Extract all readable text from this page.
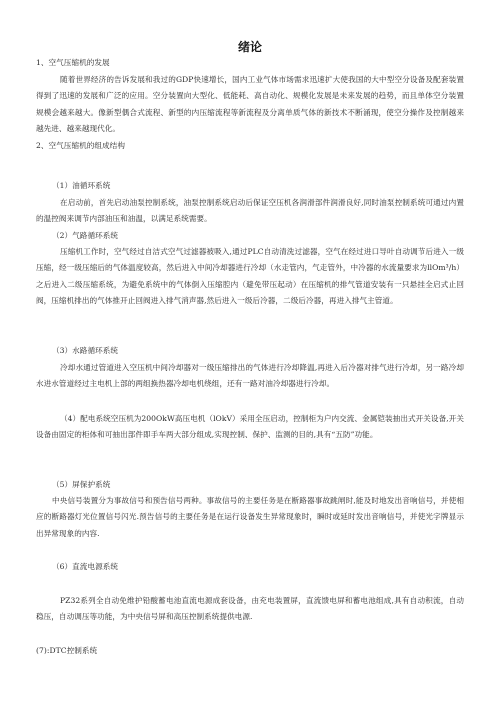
绪论
1、空气压缩机的发展
随着世界经济的告诉发展和我过的GDP快速增长，国内工业气体市场需求迅速扩大使我国的大中型空分设备及配套装置得到了迅速的发展和广泛的应用。空分装置向大型化、低能耗、高自动化、规模化发展是未来发展的趋势，而且单体空分装置规模会越来越大。像新型偶合式流程、新型的内压缩流程等新流程及分离单质气体的新技术不断涌现，使空分操作及控制越来越先进、越来越现代化。
2、空气压缩机的组成结构
（1）油循环系统
在启动前，首先启动油泵控制系统，油泵控制系统启动后保证空压机各润滑部件润滑良好,同时油泵控制系统可通过内置的温控阀来调节内部油压和油温，以满足系统需要。
（2）气路循环系统
压缩机工作时，空气经过自洁式空气过滤器被吸入,通过PLC自动清洗过滤器，空气在经过进口导叶自动调节后进入一级压缩，经一级压缩后的气体温度较高，然后进入中间冷却器进行冷却（水走管内，气走管外，中冷器的水流量要求为llOm³/h）之后进入二级压缩系统，为避免系统中的气体倒入压缩腔内（避免带压起动）在压缩机的排气管道安装有一只悬挂全启式止回阀，压缩机排出的气体推开止回阀进入排气消声器,然后进入一级后冷器，二级后冷器，再进入排气主管道。
（3）水路循环系统
冷却水通过管道进入空压机中间冷却器对一级压缩排出的气体进行冷却降温,再进入后冷器对排气进行冷却，另一路冷却水进水管道经过主电机上部的两组换热器冷却电机绕组，还有一路对油冷却器进行冷却。
（4）配电系统空压机为200OkW高压电机（lOkV）采用全压启动，控制柜为户内交流、金属铠装抽出式开关设备,开关设备由固定的柜体和可抽出部件即手车两大部分组成,实现控制、保护、监测的目的,具有“五防”功能。
（5）屏保护系统
中央信号装置分为事故信号和预告信号两种。事故信号的主要任务是在断路器事故跳闸时,能及时地发出音响信号，并使相应的断路器灯光位置信号闪光.预告信号的主要任务是在运行设备发生异常现象时，瞬时或延时发出音响信号，并使光字牌显示出异常现象的内容.
（6）直流电源系统
PZ32系列全自动免维护铅酸蓄电池直流电源成套设备，由充电装置屏，直流馈电屏和蓄电池组成,具有自动积流，自动稳压，自动调压等功能，为中央信号屏和高压控制系统提供电源.
(7):DTC控制系统
